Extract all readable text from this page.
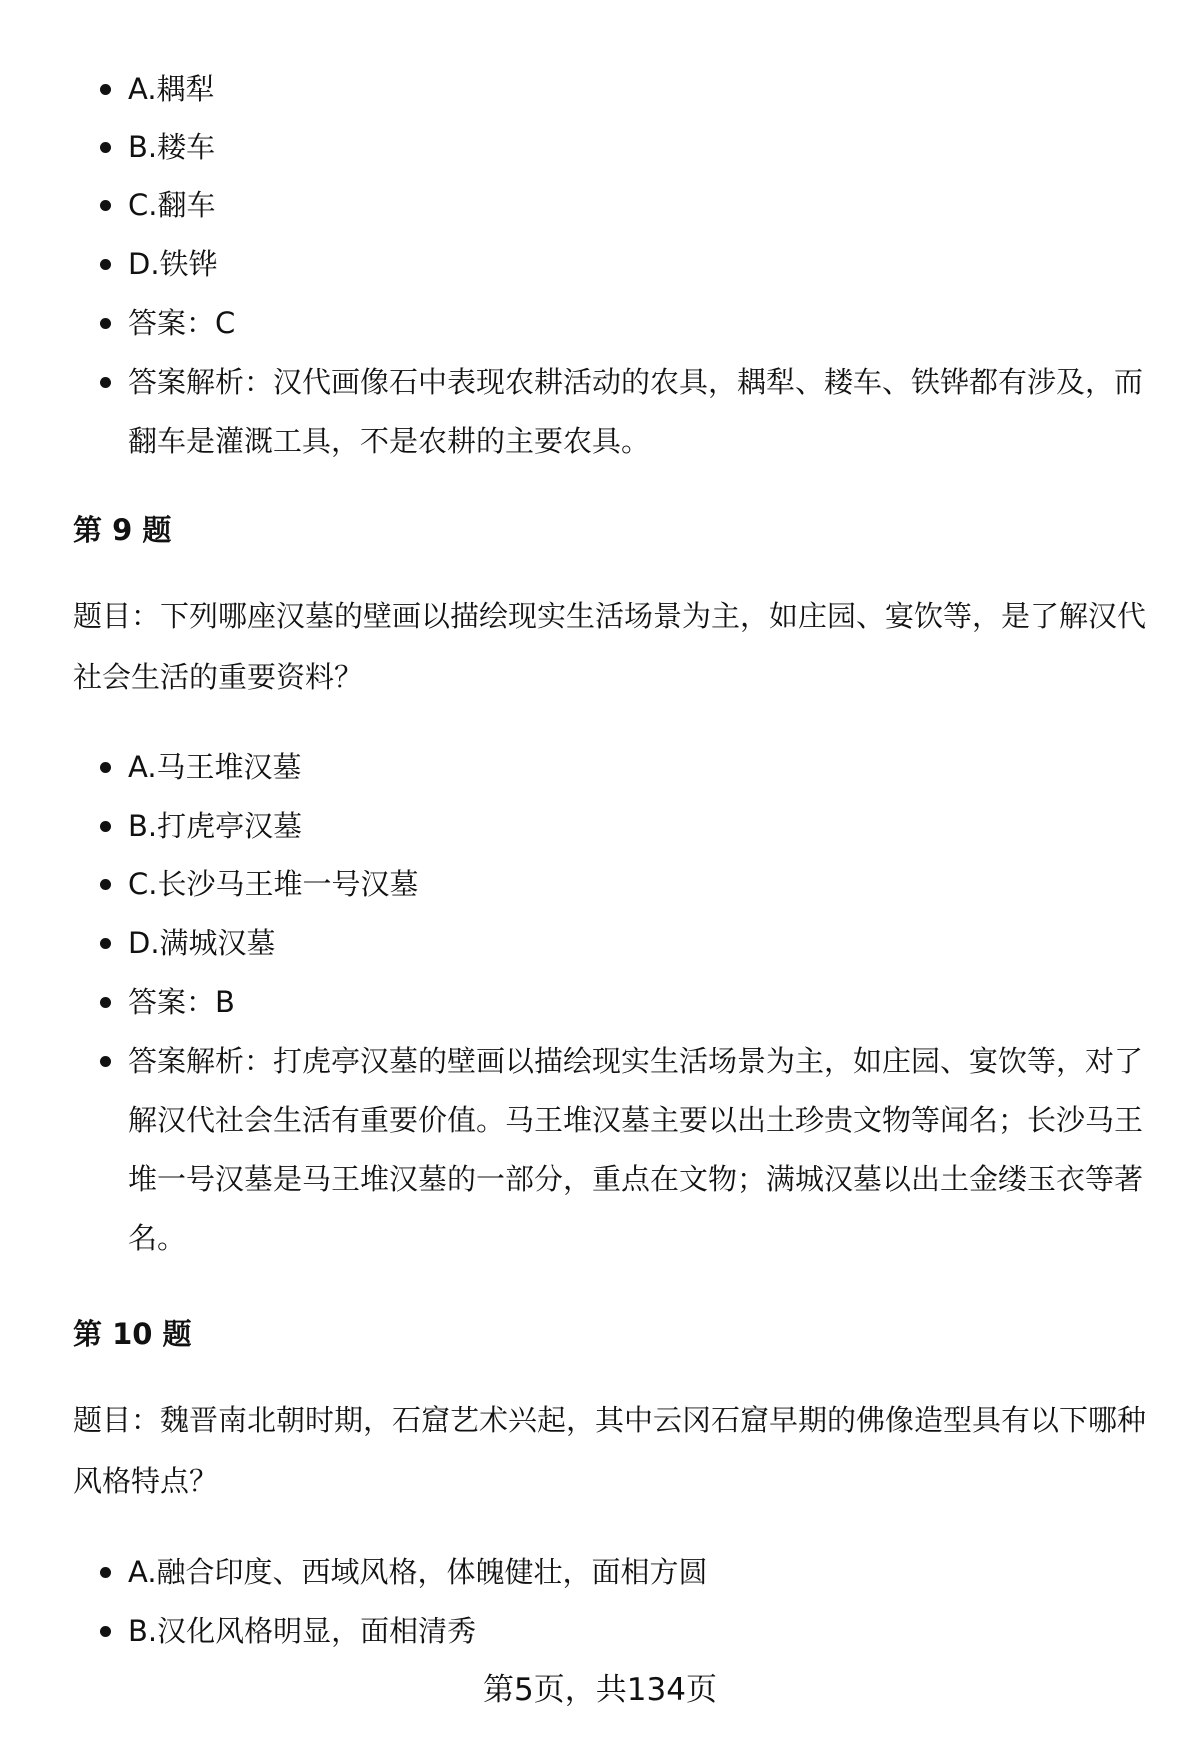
A.耦犁
B.耧车
C.翻车
D.铁铧
答案：C
答案解析：汉代画像石中表现农耕活动的农具，耦犁、耧车、铁铧都有涉及，而翻车是灌溉工具，不是农耕的主要农具。
第 9 题
题目：下列哪座汉墓的壁画以描绘现实生活场景为主，如庄园、宴饮等，是了解汉代社会生活的重要资料？
A.马王堆汉墓
B.打虎亭汉墓
C.长沙马王堆一号汉墓
D.满城汉墓
答案：B
答案解析：打虎亭汉墓的壁画以描绘现实生活场景为主，如庄园、宴饮等，对了解汉代社会生活有重要价值。马王堆汉墓主要以出土珍贵文物等闻名；长沙马王堆一号汉墓是马王堆汉墓的一部分，重点在文物；满城汉墓以出土金缕玉衣等著名。
第 10 题
题目：魏晋南北朝时期，石窟艺术兴起，其中云冈石窟早期的佛像造型具有以下哪种风格特点？
A.融合印度、西域风格，体魄健壮，面相方圆
B.汉化风格明显，面相清秀
第5页，共134页
